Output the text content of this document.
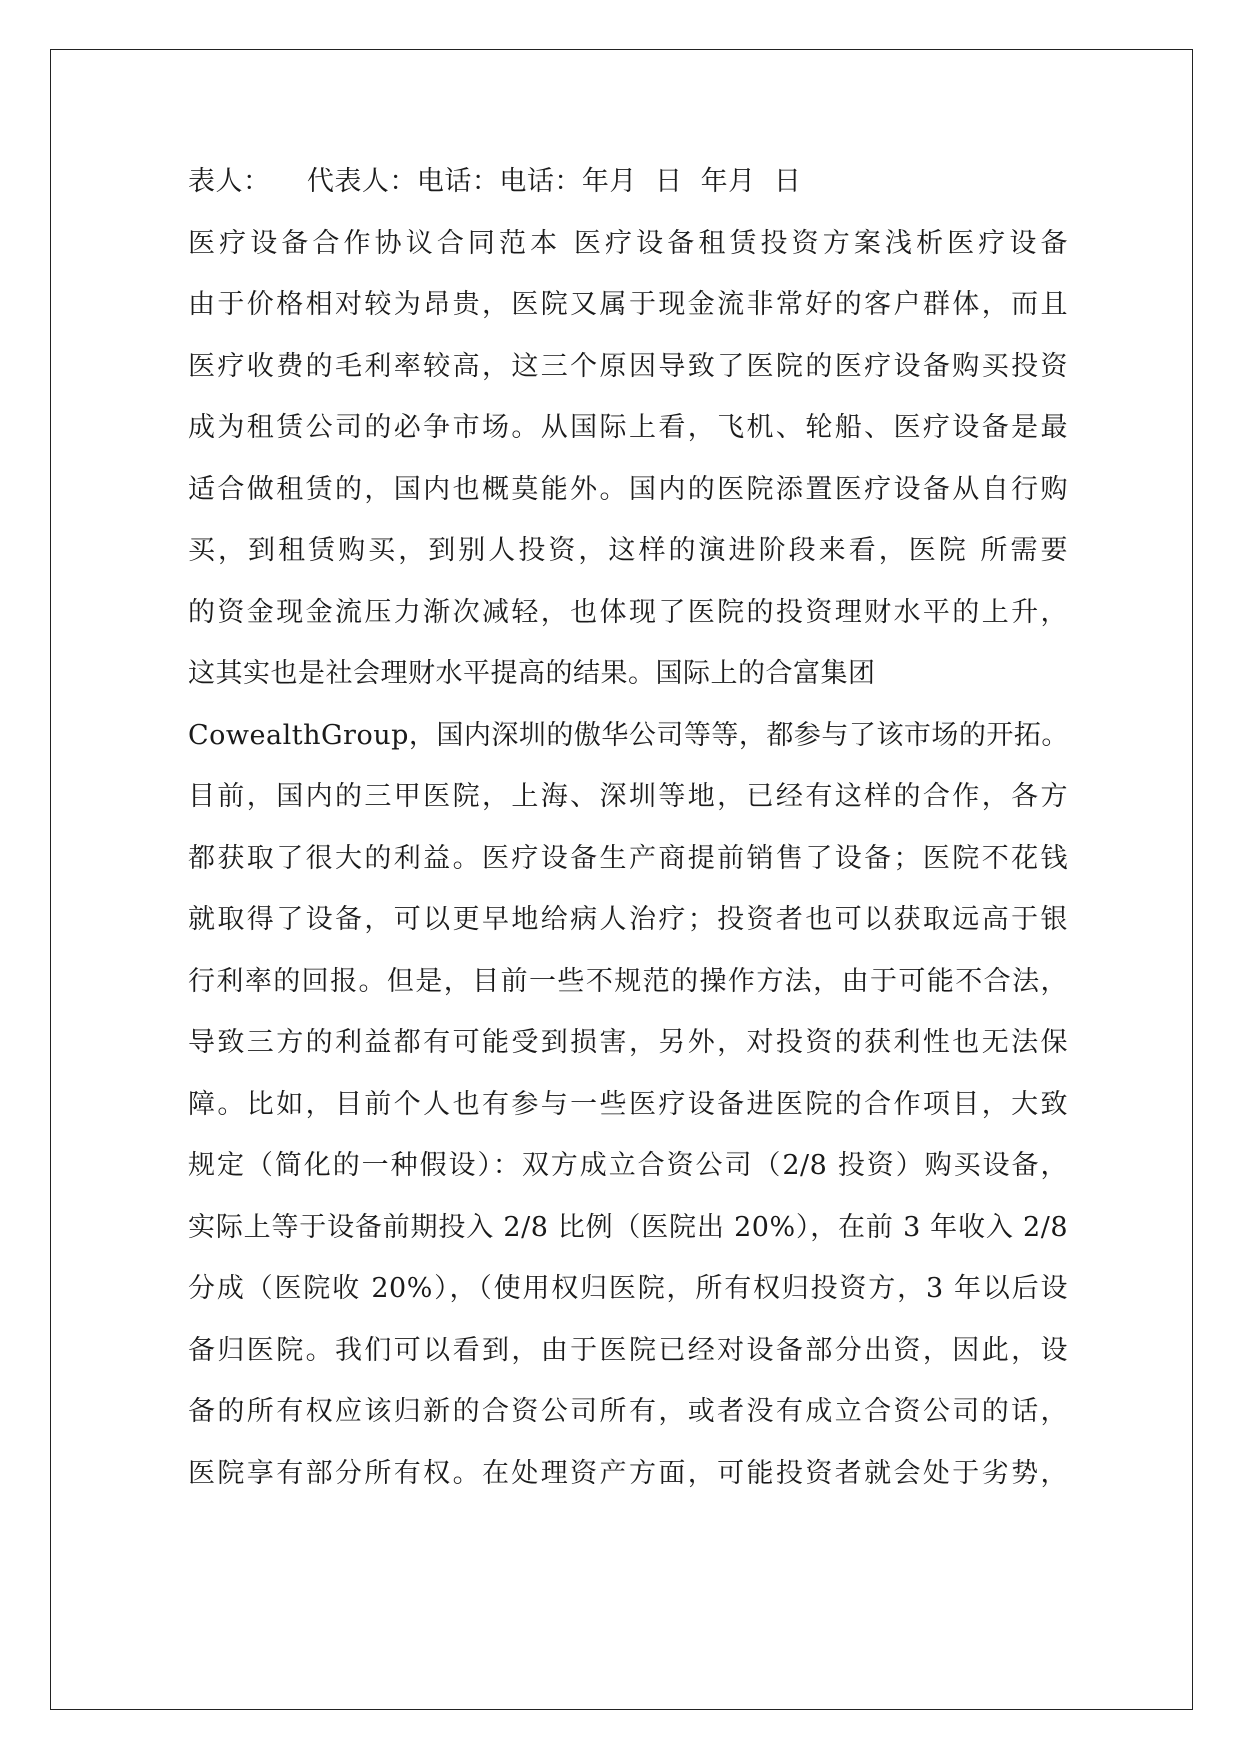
表人：    代表人：电话：电话：年月  日  年月  日
医疗设备合作协议合同范本 医疗设备租赁投资方案浅析医疗设备
由于价格相对较为昂贵，医院又属于现金流非常好的客户群体，而且
医疗收费的毛利率较高，这三个原因导致了医院的医疗设备购买投资
成为租赁公司的必争市场。从国际上看，飞机、轮船、医疗设备是最
适合做租赁的，国内也概莫能外。国内的医院添置医疗设备从自行购
买，到租赁购买，到别人投资，这样的演进阶段来看，医院 所需要
的资金现金流压力渐次减轻，也体现了医院的投资理财水平的上升，
这其实也是社会理财水平提高的结果。国际上的合富集团
CowealthGroup，国内深圳的傲华公司等等，都参与了该市场的开拓。
目前，国内的三甲医院，上海、深圳等地，已经有这样的合作，各方
都获取了很大的利益。医疗设备生产商提前销售了设备；医院不花钱
就取得了设备，可以更早地给病人治疗；投资者也可以获取远高于银
行利率的回报。但是，目前一些不规范的操作方法，由于可能不合法，
导致三方的利益都有可能受到损害，另外，对投资的获利性也无法保
障。比如，目前个人也有参与一些医疗设备进医院的合作项目，大致
规定（简化的一种假设）：双方成立合资公司（2/8 投资）购买设备，
实际上等于设备前期投入 2/8 比例（医院出 20%），在前 3 年收入 2/8
分成（医院收 20%），（使用权归医院，所有权归投资方，3 年以后设
备归医院。我们可以看到，由于医院已经对设备部分出资，因此，设
备的所有权应该归新的合资公司所有，或者没有成立合资公司的话，
医院享有部分所有权。在处理资产方面，可能投资者就会处于劣势，
